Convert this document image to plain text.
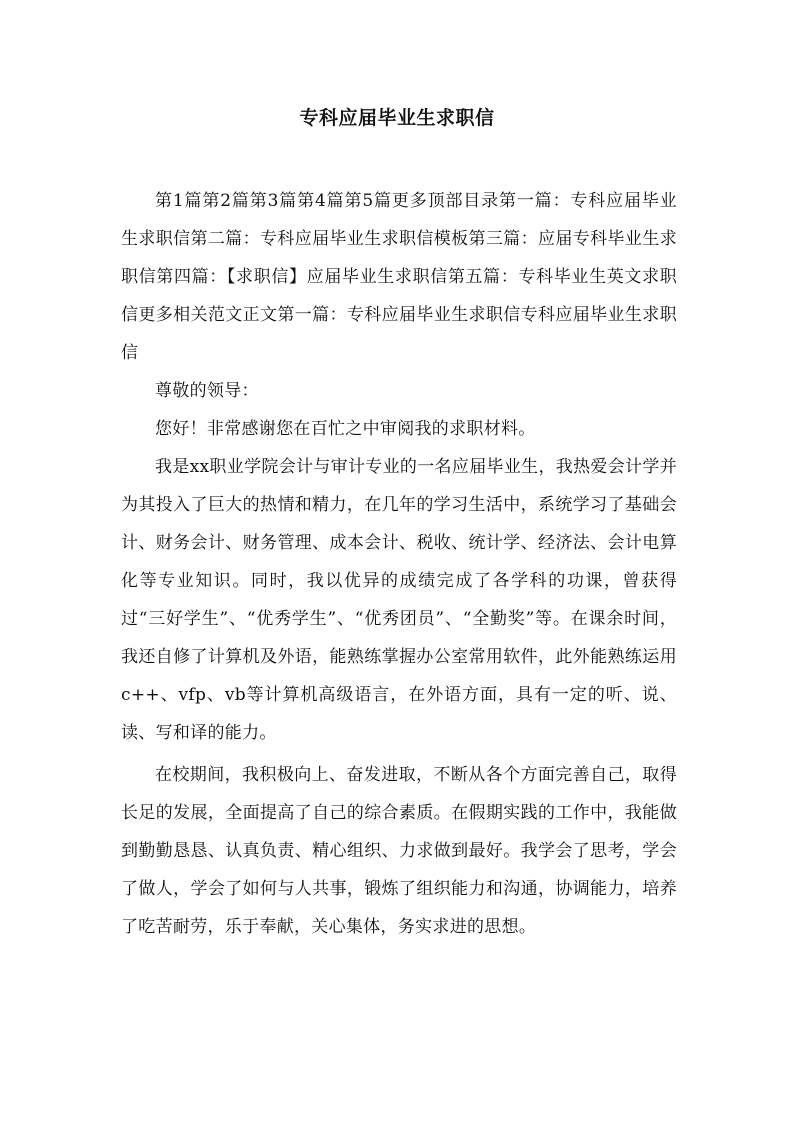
专科应届毕业生求职信

第1篇第2篇第3篇第4篇第5篇更多顶部目录第一篇：专科应届毕业生求职信第二篇：专科应届毕业生求职信模板第三篇：应届专科毕业生求职信第四篇：【求职信】应届毕业生求职信第五篇：专科毕业生英文求职信更多相关范文正文第一篇：专科应届毕业生求职信专科应届毕业生求职信

尊敬的领导：

您好！非常感谢您在百忙之中审阅我的求职材料。

我是xx职业学院会计与审计专业的一名应届毕业生，我热爱会计学并为其投入了巨大的热情和精力，在几年的学习生活中，系统学习了基础会计、财务会计、财务管理、成本会计、税收、统计学、经济法、会计电算化等专业知识。同时，我以优异的成绩完成了各学科的功课，曾获得过“三好学生”、“优秀学生”、“优秀团员”、“全勤奖”等。在课余时间，我还自修了计算机及外语，能熟练掌握办公室常用软件，此外能熟练运用c++、vfp、vb等计算机高级语言，在外语方面，具有一定的听、说、读、写和译的能力。

在校期间，我积极向上、奋发进取，不断从各个方面完善自己，取得长足的发展，全面提高了自己的综合素质。在假期实践的工作中，我能做到勤勤恳恳、认真负责、精心组织、力求做到最好。我学会了思考，学会了做人，学会了如何与人共事，锻炼了组织能力和沟通，协调能力，培养了吃苦耐劳，乐于奉献，关心集体，务实求进的思想。
